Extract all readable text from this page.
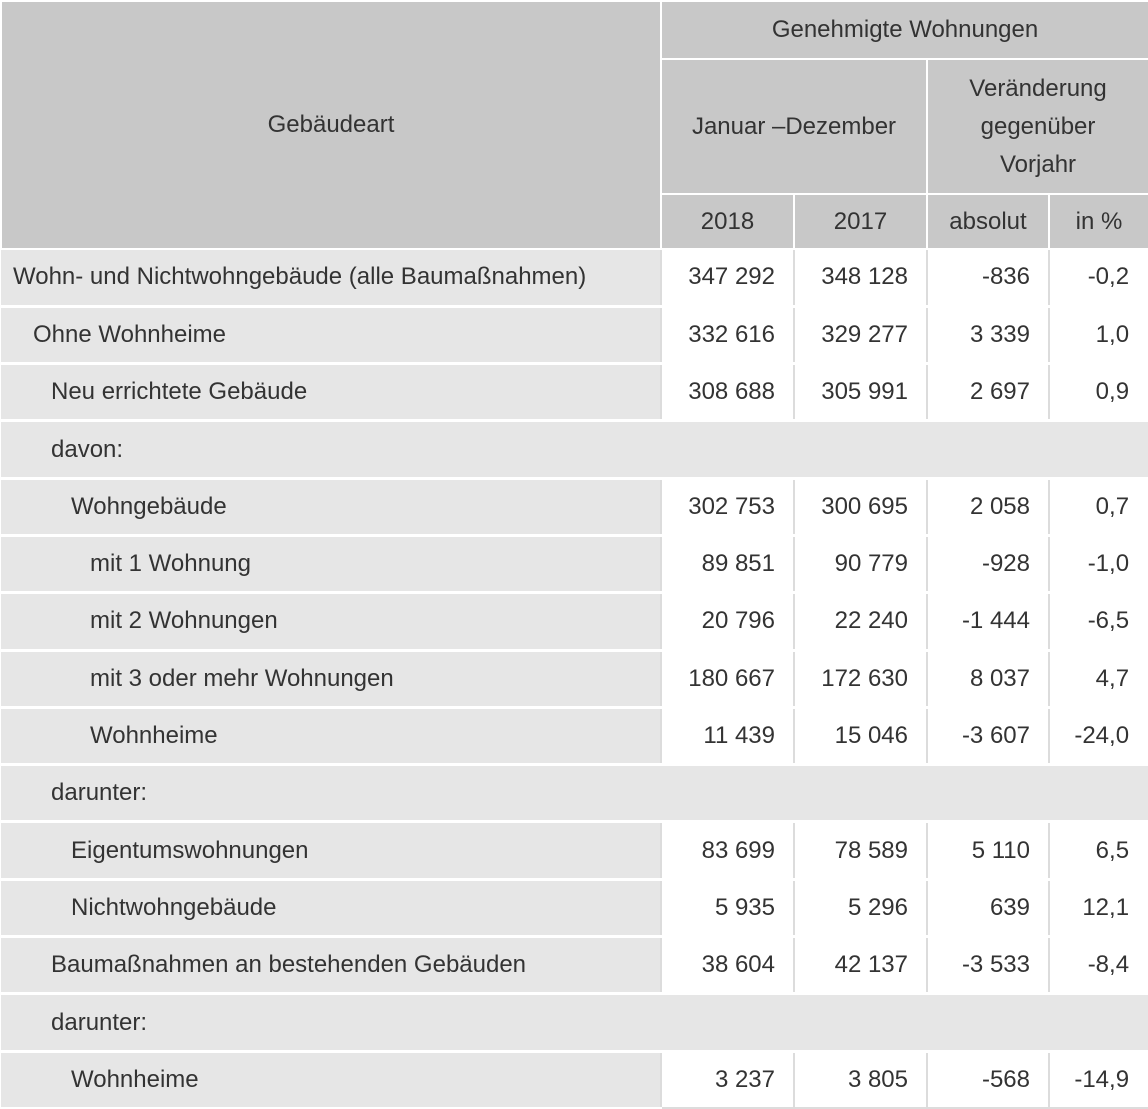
Gebäudeart	Genehmigte Wohnungen			
	Januar –Dezember		Veränderung gegenüber Vorjahr	

	2018	2017	absolut	in %
Wohn- und Nichtwohngebäude (alle Baumaßnahmen)	347 292	348 128	-836	-0,2
Ohne Wohnheime	332 616	329 277	3 339	1,0
Neu errichtete Gebäude	308 688	305 991	2 697	0,9
davon:				
Wohngebäude	302 753	300 695	2 058	0,7
mit 1 Wohnung	89 851	90 779	-928	-1,0
mit 2 Wohnungen	20 796	22 240	-1 444	-6,5
mit 3 oder mehr Wohnungen	180 667	172 630	8 037	4,7
Wohnheime	11 439	15 046	-3 607	-24,0
darunter:				
Eigentumswohnungen	83 699	78 589	5 110	6,5
Nichtwohngebäude	5 935	5 296	639	12,1
Baumaßnahmen an bestehenden Gebäuden	38 604	42 137	-3 533	-8,4
darunter:				
Wohnheime	3 237	3 805	-568	-14,9
